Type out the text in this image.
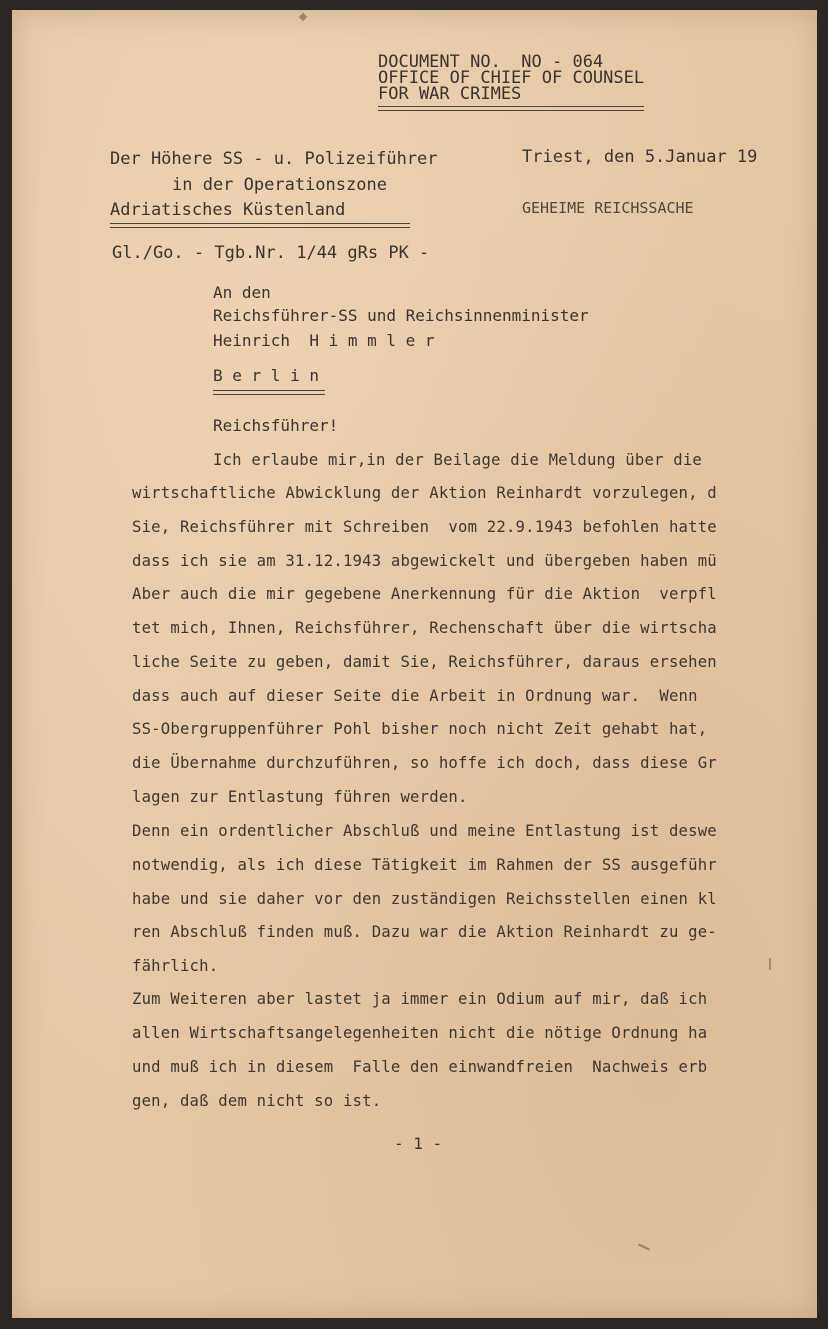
DOCUMENT NO.  NO - 064
OFFICE OF CHIEF OF COUNSEL
FOR WAR CRIMES
Der Höhere SS - u. Polizeiführer
in der Operationszone
Adriatisches Küstenland
Triest, den 5.Januar 19
GEHEIME REICHSSACHE
Gl./Go. - Tgb.Nr. 1/44 gRs PK -
An den
Reichsführer-SS und Reichsinnenminister
Heinrich  H i m m l e r
B e r l i n
Reichsführer!
Ich erlaube mir,in der Beilage die Meldung über die
wirtschaftliche Abwicklung der Aktion Reinhardt vorzulegen, d
Sie, Reichsführer mit Schreiben  vom 22.9.1943 befohlen hatte
dass ich sie am 31.12.1943 abgewickelt und übergeben haben mü
Aber auch die mir gegebene Anerkennung für die Aktion  verpfl
tet mich, Ihnen, Reichsführer, Rechenschaft über die wirtscha
liche Seite zu geben, damit Sie, Reichsführer, daraus ersehen
dass auch auf dieser Seite die Arbeit in Ordnung war.  Wenn
SS-Obergruppenführer Pohl bisher noch nicht Zeit gehabt hat,
die Übernahme durchzuführen, so hoffe ich doch, dass diese Gr
lagen zur Entlastung führen werden.
Denn ein ordentlicher Abschluß und meine Entlastung ist deswe
notwendig, als ich diese Tätigkeit im Rahmen der SS ausgeführ
habe und sie daher vor den zuständigen Reichsstellen einen kl
ren Abschluß finden muß. Dazu war die Aktion Reinhardt zu ge-
fährlich.
Zum Weiteren aber lastet ja immer ein Odium auf mir, daß ich
allen Wirtschaftsangelegenheiten nicht die nötige Ordnung ha
und muß ich in diesem  Falle den einwandfreien  Nachweis erb
gen, daß dem nicht so ist.
- 1 -
